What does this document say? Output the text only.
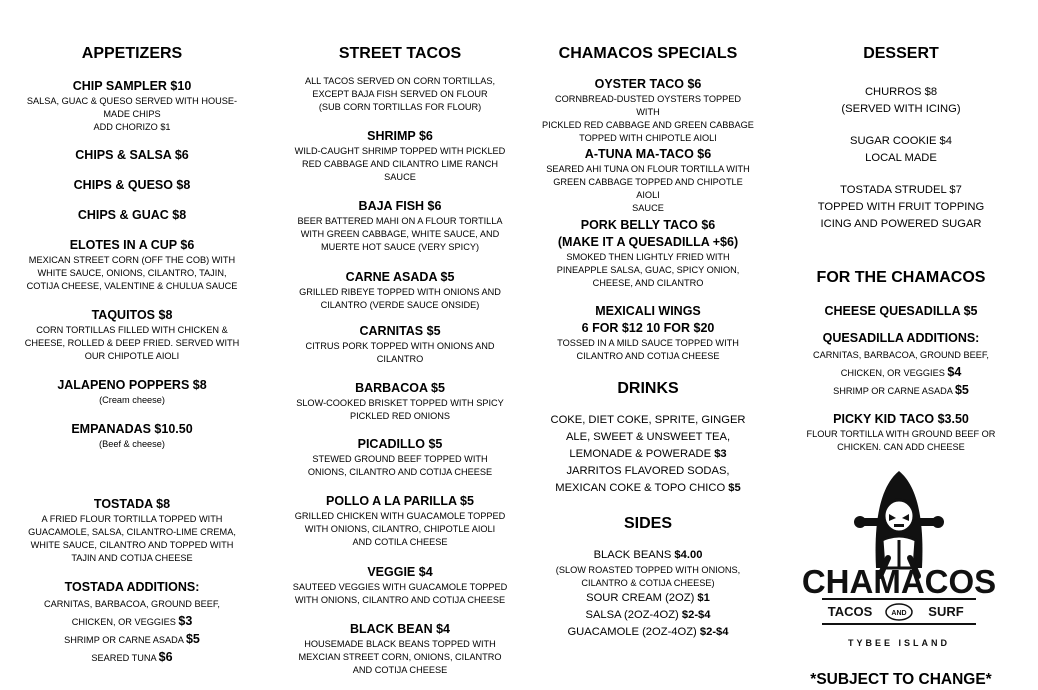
APPETIZERS
CHIP SAMPLER $10
SALSA, GUAC & QUESO SERVED WITH HOUSE-
MADE CHIPS
ADD CHORIZO $1
CHIPS & SALSA $6
CHIPS & QUESO $8
CHIPS & GUAC $8
ELOTES IN A CUP $6
MEXICAN STREET CORN (OFF THE COB) WITH
WHITE SAUCE, ONIONS, CILANTRO, TAJIN,
COTIJA CHEESE, VALENTINE & CHULUA SAUCE
TAQUITOS $8
CORN TORTILLAS FILLED WITH CHICKEN &
CHEESE, ROLLED & DEEP FRIED. SERVED WITH
OUR CHIPOTLE AIOLI
JALAPENO POPPERS $8
(Cream cheese)
EMPANADAS $10.50
(Beef & cheese)
TOSTADA $8
A FRIED FLOUR TORTILLA TOPPED WITH
GUACAMOLE, SALSA, CILANTRO-LIME CREMA,
WHITE SAUCE, CILANTRO AND TOPPED WITH
TAJIN AND COTIJA CHEESE
TOSTADA ADDITIONS:
CARNITAS, BARBACOA, GROUND BEEF,
CHICKEN, OR VEGGIES $3
SHRIMP OR CARNE ASADA $5
SEARED TUNA $6
STREET TACOS
ALL TACOS SERVED ON CORN TORTILLAS,
EXCEPT BAJA FISH SERVED ON FLOUR
(SUB CORN TORTILLAS FOR FLOUR)
SHRIMP $6
WILD-CAUGHT SHRIMP TOPPED WITH PICKLED
RED CABBAGE AND CILANTRO LIME RANCH
SAUCE
BAJA FISH $6
BEER BATTERED MAHI ON A FLOUR TORTILLA
WITH GREEN CABBAGE, WHITE SAUCE, AND
MUERTE HOT SAUCE (VERY SPICY)
CARNE ASADA $5
GRILLED RIBEYE TOPPED WITH ONIONS AND
CILANTRO (VERDE SAUCE ONSIDE)
CARNITAS $5
CITRUS PORK TOPPED WITH ONIONS AND
CILANTRO
BARBACOA $5
SLOW-COOKED BRISKET TOPPED WITH SPICY
PICKLED RED ONIONS
PICADILLO $5
STEWED GROUND BEEF TOPPED WITH
ONIONS, CILANTRO AND COTIJA CHEESE
POLLO A LA PARILLA $5
GRILLED CHICKEN WITH GUACAMOLE TOPPED
WITH ONIONS, CILANTRO, CHIPOTLE AIOLI
AND COTILA CHEESE
VEGGIE $4
SAUTEED VEGGIES WITH GUACAMOLE TOPPED
WITH ONIONS, CILANTRO AND COTIJA CHEESE
BLACK BEAN $4
HOUSEMADE BLACK BEANS TOPPED WITH
MEXCIAN STREET CORN, ONIONS, CILANTRO
AND COTIJA CHEESE
CHAMACOS SPECIALS
OYSTER TACO $6
CORNBREAD-DUSTED OYSTERS TOPPED WITH
PICKLED RED CABBAGE AND GREEN CABBAGE
TOPPED WITH CHIPOTLE AIOLI
A-TUNA MA-TACO $6
SEARED AHI TUNA ON FLOUR TORTILLA WITH
GREEN CABBAGE TOPPED AND CHIPOTLE AIOLI
SAUCE
PORK BELLY TACO $6
(MAKE IT A QUESADILLA +$6)
SMOKED THEN LIGHTLY FRIED WITH
PINEAPPLE SALSA, GUAC, SPICY ONION,
CHEESE, AND CILANTRO
MEXICALI WINGS
6 FOR $12 10 FOR $20
TOSSED IN A MILD SAUCE TOPPED WITH
CILANTRO AND COTIJA CHEESE
DRINKS
COKE, DIET COKE, SPRITE, GINGER
ALE, SWEET & UNSWEET TEA,
LEMONADE & POWERADE $3
JARRITOS FLAVORED SODAS,
MEXICAN COKE & TOPO CHICO $5
SIDES
BLACK BEANS $4.00
(SLOW ROASTED TOPPED WITH ONIONS,
CILANTRO & COTIJA CHEESE)
SOUR CREAM (2OZ) $1
SALSA (2OZ-4OZ) $2-$4
GUACAMOLE (2OZ-4OZ) $2-$4
DESSERT
CHURROS $8
(SERVED WITH ICING)
SUGAR COOKIE $4
LOCAL MADE
TOSTADA STRUDEL $7
TOPPED WITH FRUIT TOPPING
ICING AND POWERED SUGAR
FOR THE CHAMACOS
CHEESE QUESADILLA $5
QUESADILLA ADDITIONS:
CARNITAS, BARBACOA, GROUND BEEF,
CHICKEN, OR VEGGIES $4
SHRIMP OR CARNE ASADA $5
PICKY KID TACO $3.50
FLOUR TORTILLA WITH GROUND BEEF OR
CHICKEN. CAN ADD CHEESE
CHAMACOS
TACOS	AND SURF
TYBEE ISLAND
*SUBJECT TO CHANGE*
